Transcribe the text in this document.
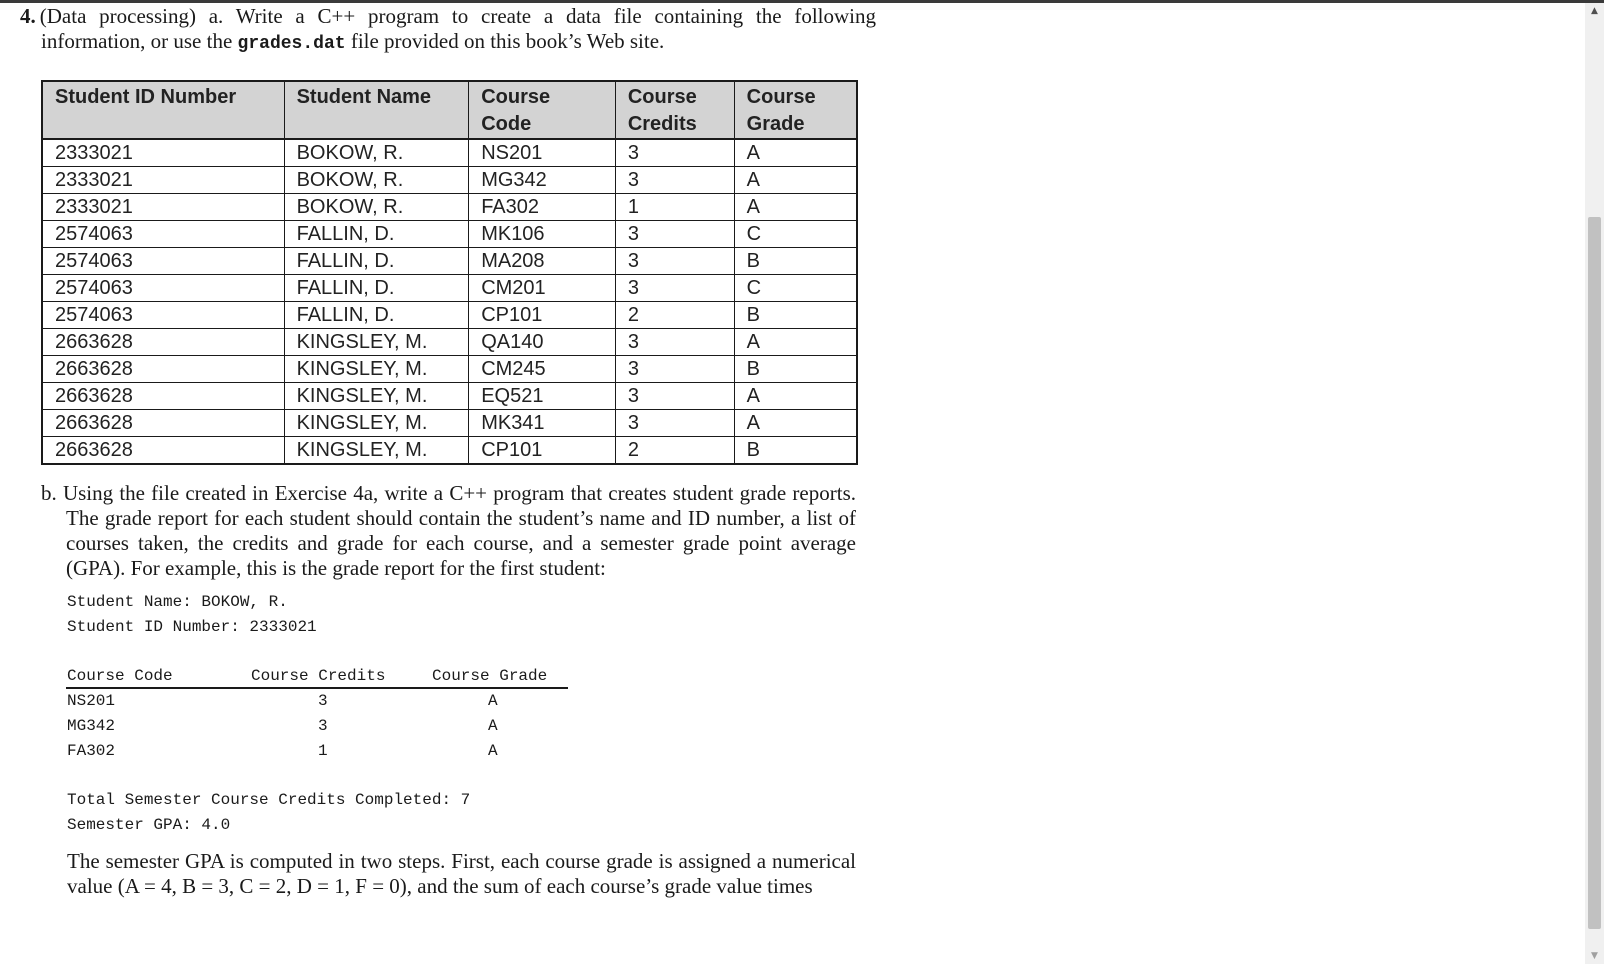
4. (Data processing) a. Write a C++ program to create a data file containing the following
information, or use the grades.dat file provided on this book’s Web site.
Student ID Number	Student Name	Course Code	Course Credits	Course Grade
2333021	BOKOW, R.	NS201	3	A
2333021	BOKOW, R.	MG342	3	A
2333021	BOKOW, R.	FA302	1	A
2574063	FALLIN, D.	MK106	3	C
2574063	FALLIN, D.	MA208	3	B
2574063	FALLIN, D.	CM201	3	C
2574063	FALLIN, D.	CP101	2	B
2663628	KINGSLEY, M.	QA140	3	A
2663628	KINGSLEY, M.	CM245	3	B
2663628	KINGSLEY, M.	EQ521	3	A
2663628	KINGSLEY, M.	MK341	3	A
2663628	KINGSLEY, M.	CP101	2	B

b. Using the file created in Exercise 4a, write a C++ program that creates student grade reports. The grade report for each student should contain the student’s name and ID number, a list of courses taken, the credits and grade for each course, and a semester grade point average (GPA). For example, this is the grade report for the first student:

Student Name: BOKOW, R.
Student ID Number: 2333021
Course Code	Course Credits	Course Grade
NS201	3	A
MG342	3	A
FA302	1	A
Total Semester Course Credits Completed: 7
Semester GPA: 4.0

The semester GPA is computed in two steps. First, each course grade is assigned a numerical value (A = 4, B = 3, C = 2, D = 1, F = 0), and the sum of each course’s grade value times

▲
▼
